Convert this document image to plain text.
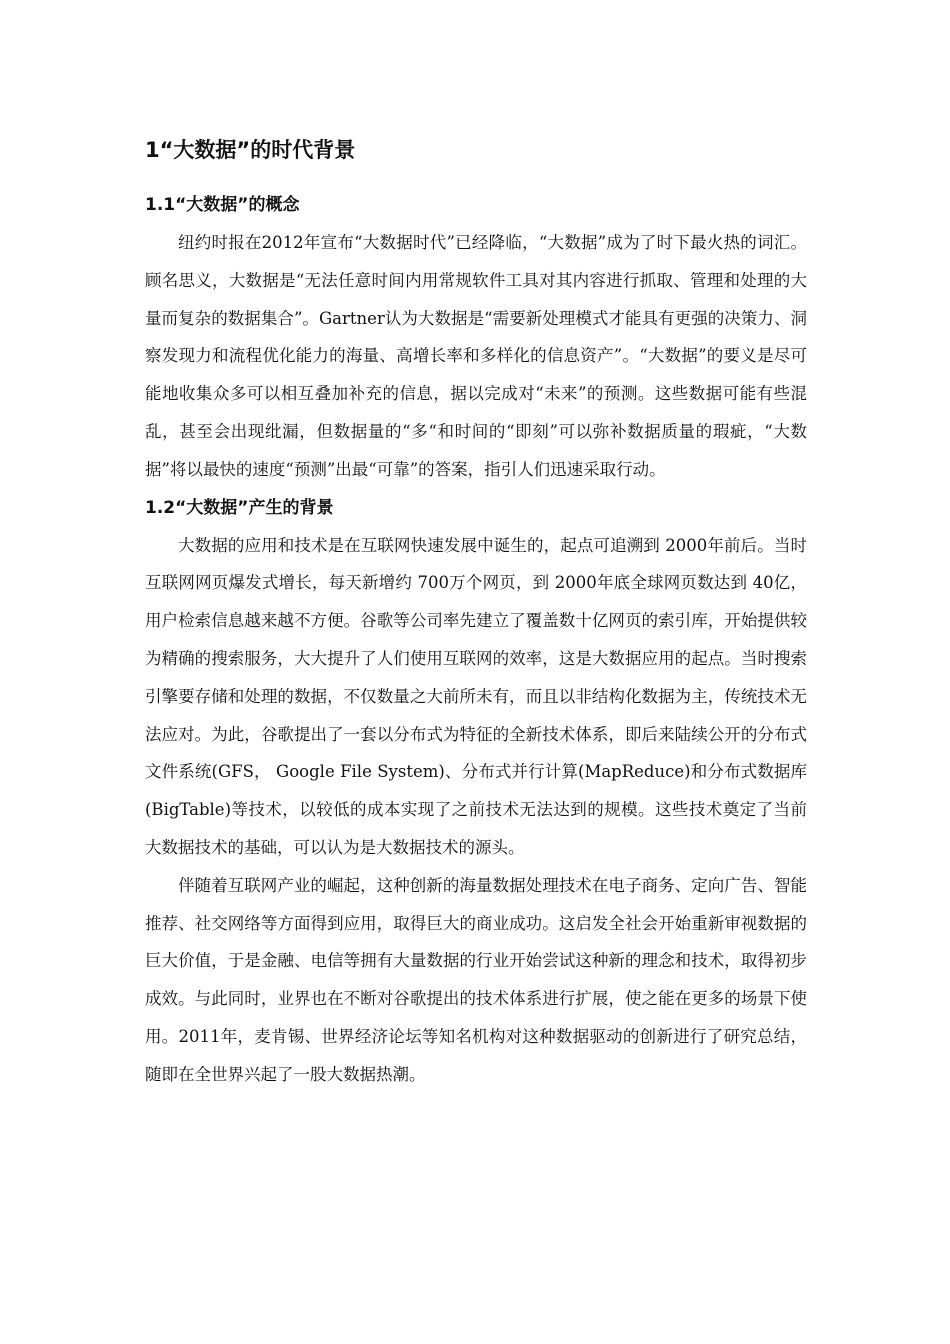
1“大数据”的时代背景
1.1“大数据”的概念

纽约时报在2012年宣布“大数据时代”已经降临，“大数据”成为了时下最火热的词汇。顾名思义，大数据是“无法任意时间内用常规软件工具对其内容进行抓取、管理和处理的大量而复杂的数据集合”。Gartner认为大数据是“需要新处理模式才能具有更强的决策力、洞察发现力和流程优化能力的海量、高增长率和多样化的信息资产”。“大数据”的要义是尽可能地收集众多可以相互叠加补充的信息，据以完成对“未来”的预测。这些数据可能有些混乱，甚至会出现纰漏，但数据量的“多“和时间的“即刻”可以弥补数据质量的瑕疵，“大数据”将以最快的速度“预测”出最“可靠”的答案，指引人们迅速采取行动。

1.2“大数据”产生的背景

大数据的应用和技术是在互联网快速发展中诞生的，起点可追溯到 2000年前后。当时互联网网页爆发式增长，每天新增约 700万个网页，到 2000年底全球网页数达到 40亿，用户检索信息越来越不方便。谷歌等公司率先建立了覆盖数十亿网页的索引库，开始提供较为精确的搜索服务，大大提升了人们使用互联网的效率，这是大数据应用的起点。当时搜索引擎要存储和处理的数据，不仅数量之大前所未有，而且以非结构化数据为主，传统技术无法应对。为此，谷歌提出了一套以分布式为特征的全新技术体系，即后来陆续公开的分布式文件系统(GFS， Google File System)、分布式并行计算(MapReduce)和分布式数据库(BigTable)等技术，以较低的成本实现了之前技术无法达到的规模。这些技术奠定了当前大数据技术的基础，可以认为是大数据技术的源头。

伴随着互联网产业的崛起，这种创新的海量数据处理技术在电子商务、定向广告、智能推荐、社交网络等方面得到应用，取得巨大的商业成功。这启发全社会开始重新审视数据的巨大价值，于是金融、电信等拥有大量数据的行业开始尝试这种新的理念和技术，取得初步成效。与此同时，业界也在不断对谷歌提出的技术体系进行扩展，使之能在更多的场景下使用。2011年，麦肯锡、世界经济论坛等知名机构对这种数据驱动的创新进行了研究总结，随即在全世界兴起了一股大数据热潮。
